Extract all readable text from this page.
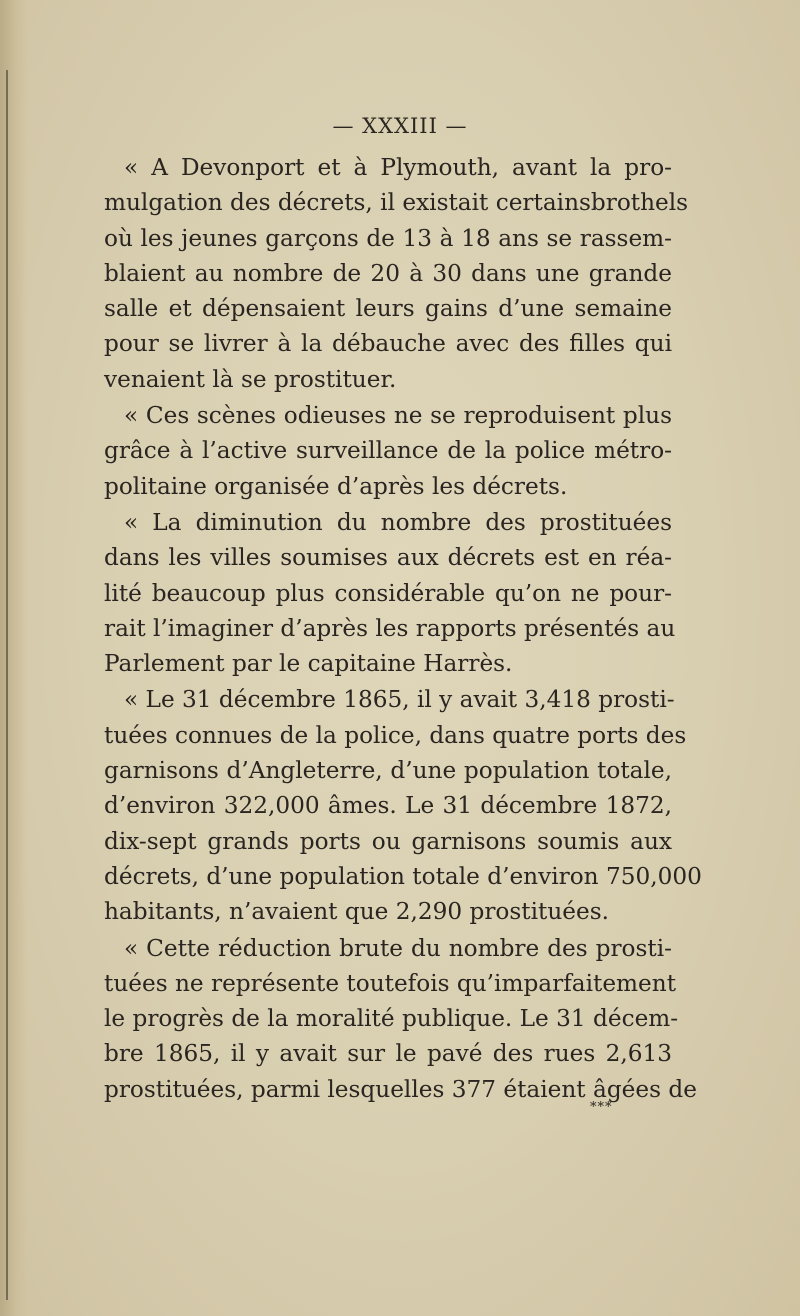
— XXXIII —
« A Devonport et à Plymouth, avant la pro-
mulgation des décrets, il existait certainsbrothels
où les jeunes garçons de 13 à 18 ans se rassem-
blaient au nombre de 20 à 30 dans une grande
salle et dépensaient leurs gains d’une semaine
pour se livrer à la débauche avec des filles qui
venaient là se prostituer.
« Ces scènes odieuses ne se reproduisent plus
grâce à l’active surveillance de la police métro-
politaine organisée d’après les décrets.
« La diminution du nombre des prostituées
dans les villes soumises aux décrets est en réa-
lité beaucoup plus considérable qu’on ne pour-
rait l’imaginer d’après les rapports présentés au
Parlement par le capitaine Harrès.
« Le 31 décembre 1865, il y avait 3,418 prosti-
tuées connues de la police, dans quatre ports des
garnisons d’Angleterre, d’une population totale,
d’environ 322,000 âmes. Le 31 décembre 1872,
dix-sept grands ports ou garnisons soumis aux
décrets, d’une population totale d’environ 750,000
habitants, n’avaient que 2,290 prostituées.
« Cette réduction brute du nombre des prosti-
tuées ne représente toutefois qu’imparfaitement
le progrès de la moralité publique. Le 31 décem-
bre 1865, il y avait sur le pavé des rues 2,613
prostituées, parmi lesquelles 377 étaient âgées de
***
